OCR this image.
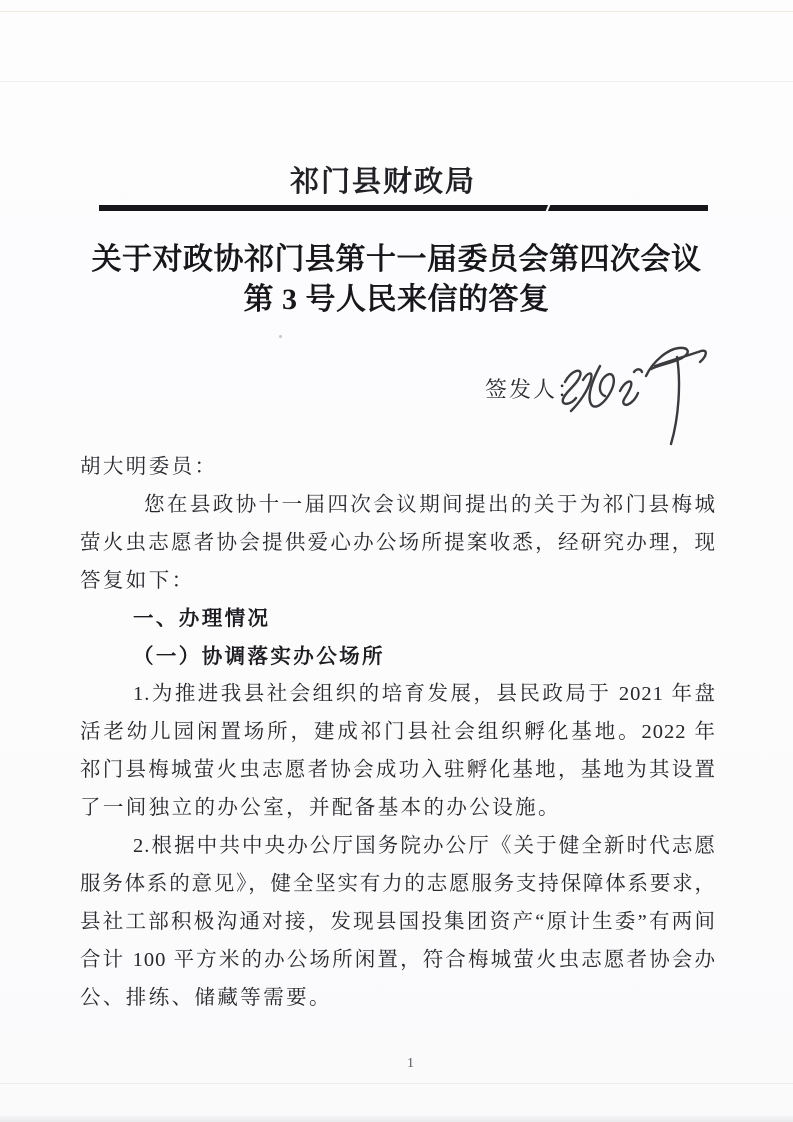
祁门县财政局
关于对政协祁门县第十一届委员会第四次会议
第 3 号人民来信的答复
签发人：
胡大明委员：
您在县政协十一届四次会议期间提出的关于为祁门县梅城
萤火虫志愿者协会提供爱心办公场所提案收悉，经研究办理，现
答复如下：
一、办理情况
（一）协调落实办公场所
1.为推进我县社会组织的培育发展，县民政局于 2021 年盘
活老幼儿园闲置场所，建成祁门县社会组织孵化基地。2022 年
祁门县梅城萤火虫志愿者协会成功入驻孵化基地，基地为其设置
了一间独立的办公室，并配备基本的办公设施。
2.根据中共中央办公厅国务院办公厅《关于健全新时代志愿
服务体系的意见》，健全坚实有力的志愿服务支持保障体系要求，
县社工部积极沟通对接，发现县国投集团资产“原计生委”有两间
合计 100 平方米的办公场所闲置，符合梅城萤火虫志愿者协会办
公、排练、储藏等需要。
1
